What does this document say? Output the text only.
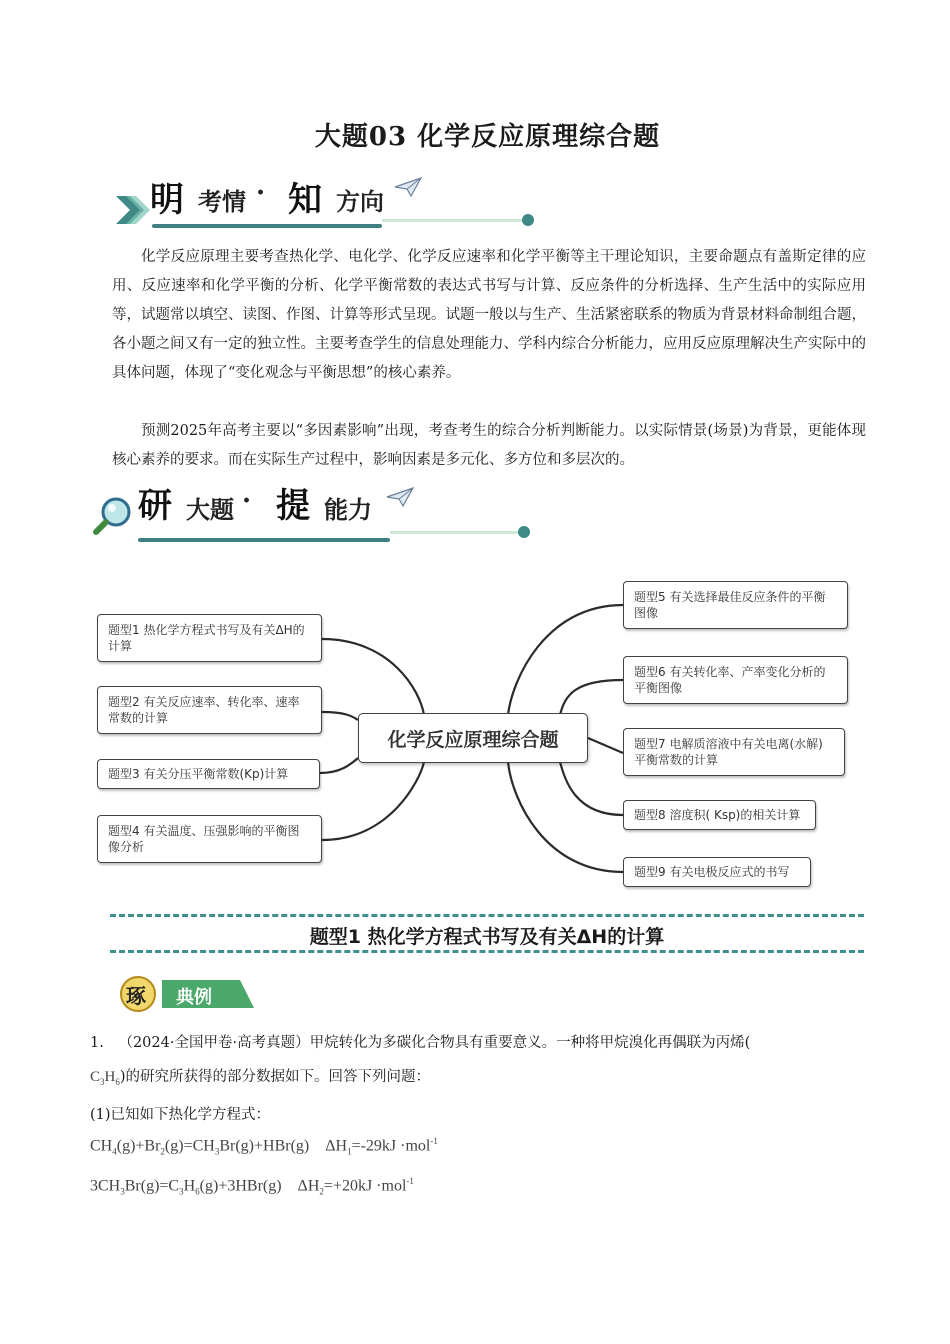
大题03 化学反应原理综合题
明 考情 · 知 方向
化学反应原理主要考查热化学、电化学、化学反应速率和化学平衡等主干理论知识，主要命题点有盖斯定律的应用、反应速率和化学平衡的分析、化学平衡常数的表达式书写与计算、反应条件的分析选择、生产生活中的实际应用等，试题常以填空、读图、作图、计算等形式呈现。试题一般以与生产、生活紧密联系的物质为背景材料命制组合题，各小题之间又有一定的独立性。主要考查学生的信息处理能力、学科内综合分析能力，应用反应原理解决生产实际中的具体问题，体现了“变化观念与平衡思想”的核心素养。
预测2025年高考主要以“多因素影响”出现，考查考生的综合分析判断能力。以实际情景(场景)为背景，更能体现核心素养的要求。而在实际生产过程中，影响因素是多元化、多方位和多层次的。
研 大题 · 提 能力
化学反应原理综合题
题型1 热化学方程式书写及有关ΔH的计算
题型2 有关反应速率、转化率、速率常数的计算
题型3 有关分压平衡常数(Kp)计算
题型4 有关温度、压强影响的平衡图像分析
题型5 有关选择最佳反应条件的平衡图像
题型6 有关转化率、产率变化分析的平衡图像
题型7 电解质溶液中有关电离(水解)平衡常数的计算
题型8 溶度积( Ksp)的相关计算
题型9 有关电极反应式的书写
题型1 热化学方程式书写及有关ΔH的计算
琢 典例
1. （2024·全国甲卷·高考真题）甲烷转化为多碳化合物具有重要意义。一种将甲烷溴化再偶联为丙烯(
$C_3H_6$)的研究所获得的部分数据如下。回答下列问题：
(1)已知如下热化学方程式：
$CH_4(g)+Br_2(g)=CH_3Br(g)+HBr(g)$    $\Delta H_1=-29kJ \cdot mol^{-1}$
$3CH_3Br(g)=C_3H_6(g)+3HBr(g)$    $\Delta H_2=+20kJ \cdot mol^{-1}$
